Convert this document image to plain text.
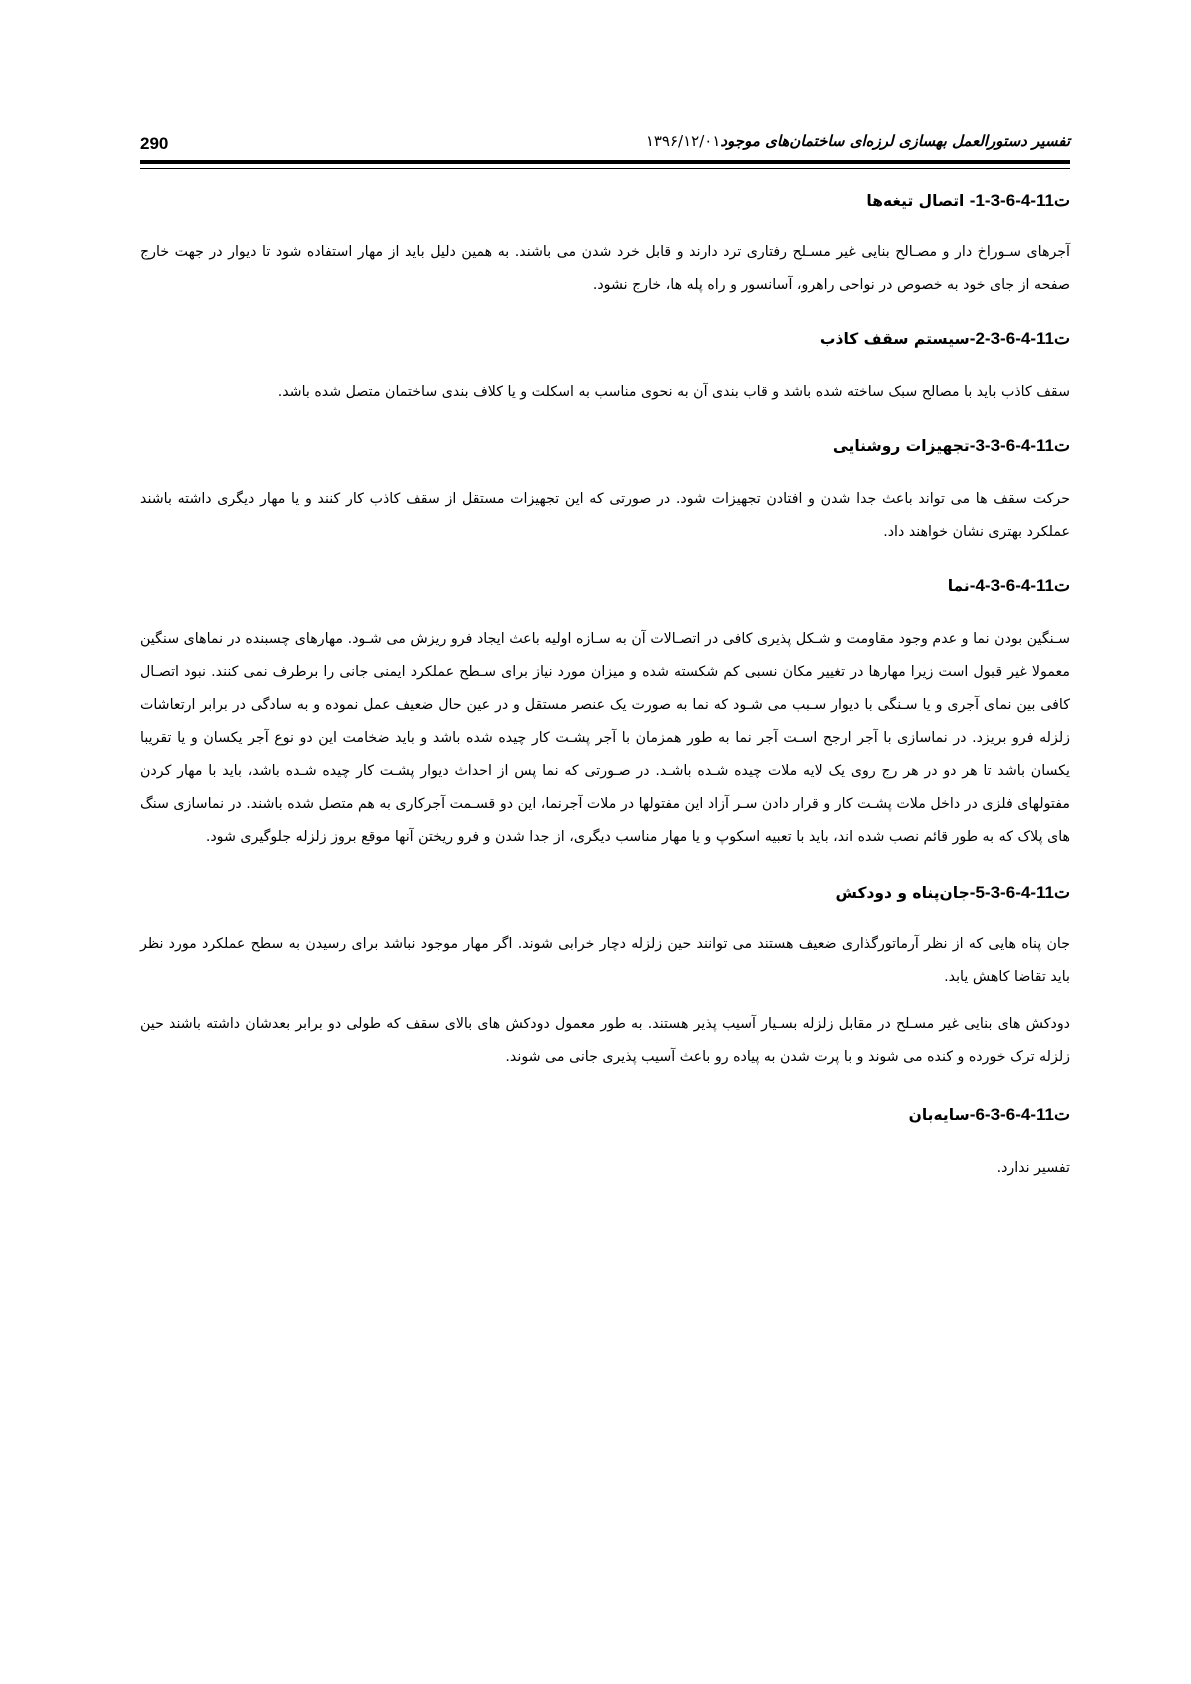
290	تفسیر دستورالعمل بهسازی لرزه‌ای ساختمان‌های موجود۱۳۹۶/۱۲/۰۱
ت11-4-6-3-1- اتصال تیغه‌ها

آجرهای سـوراخ دار و مصـالح بنایی غیر مسـلح رفتاری ترد دارند و قابل خرد شدن می باشند. به همین دلیل باید از مهار استفاده شود تا دیوار در جهت خارج صفحه از جای خود به خصوص در نواحی راهرو، آسانسور و راه پله ها، خارج نشود.

ت11-4-6-3-2-سیستم سقف کاذب

سقف کاذب باید با مصالح سبک ساخته شده باشد و قاب بندی آن به نحوی مناسب به اسکلت و یا کلاف بندی ساختمان متصل شده باشد.

ت11-4-6-3-3-تجهیزات روشنایی

حرکت سقف ها می تواند باعث جدا شدن و افتادن تجهیزات شود. در صورتی که این تجهیزات مستقل از سقف کاذب کار کنند و یا مهار دیگری داشته باشند عملکرد بهتری نشان خواهند داد.

ت11-4-6-3-4-نما

سـنگین بودن نما و عدم وجود مقاومت و شـکل پذیری کافی در اتصـالات آن به سـازه اولیه باعث ایجاد فرو ریزش می شـود. مهارهای چسبنده در نماهای سنگین معمولا غیر قبول است زیرا مهارها در تغییر مکان نسبی کم شکسته شده و میزان مورد نیاز برای سـطح عملکرد ایمنی جانی را برطرف نمی کنند. نبود اتصـال کافی بین نمای آجری و یا سـنگی با دیوار سـبب می شـود که نما به صورت یک عنصر مستقل و در عین حال ضعیف عمل نموده و به سادگی در برابر ارتعاشات زلزله فرو بریزد. در نماسازی با آجر ارجح اسـت آجر نما به طور همزمان با آجر پشـت کار چیده شده باشد و باید ضخامت این دو نوع آجر یکسان و یا تقریبا یکسان باشد تا هر دو در هر رج روی یک لایه ملات چیده شـده باشـد. در صـورتی که نما پس از احداث دیوار پشـت کار چیده شـده باشد، باید با مهار کردن مفتولهای فلزی در داخل ملات پشـت کار و قرار دادن سـر آزاد این مفتولها در ملات آجرنما، این دو قسـمت آجرکاری به هم متصل شده باشند. در نماسازی سنگ های پلاک که به طور قائم نصب شده اند، باید با تعبیه اسکوپ و یا مهار مناسب دیگری، از جدا شدن و فرو ریختن آنها موقع بروز زلزله جلوگیری شود.

ت11-4-6-3-5-جان‌پناه و دودکش

جان پناه هایی که از نظر آرماتورگذاری ضعیف هستند می توانند حین زلزله دچار خرابی شوند. اگر مهار موجود نباشد برای رسیدن به سطح عملکرد مورد نظر باید تقاضا کاهش یابد.

دودکش های بنایی غیر مسـلح در مقابل زلزله بسـیار آسیب پذیر هستند. به طور معمول دودکش های بالای سقف که طولی دو برابر بعدشان داشته باشند حین زلزله ترک خورده و کنده می شوند و با پرت شدن به پیاده رو باعث آسیب پذیری جانی می شوند.

ت11-4-6-3-6-سایه‌بان

تفسیر ندارد.
